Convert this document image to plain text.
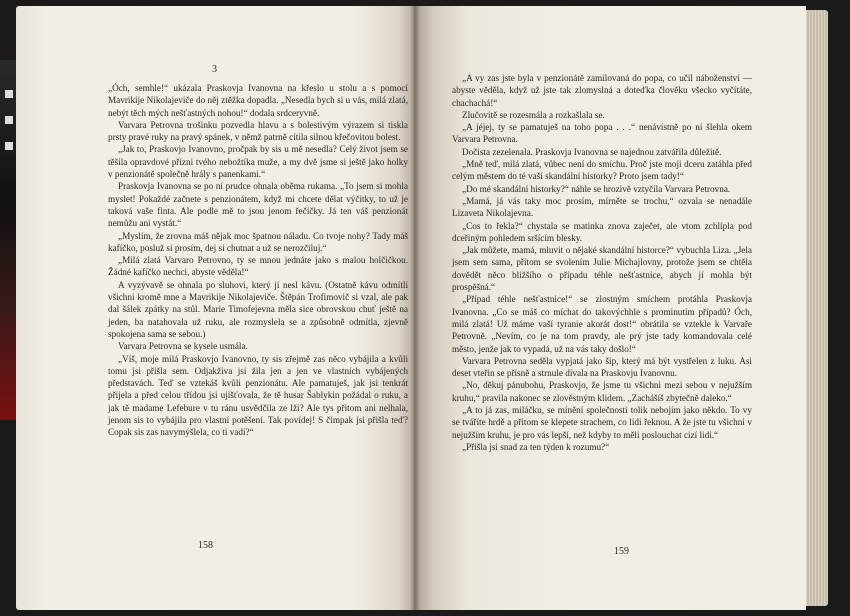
3

„Óch, semhle!“ ukázala Praskovja Ivanovna na křeslo u stolu a s pomocí Mavrikije Nikolajeviče do něj ztěžka dopadla. „Nesedla bych si u vás, milá zlatá, nebýt těch mých nešťastných nohou!“ dodala srdceryvně.

Varvara Petrovna trošinku pozvedla hlavu a s bolestivým výrazem si tiskla prsty pravé ruky na pravý spánek, v němž patrně cítila silnou křečovitou bolest.

„Jak to, Praskovjo Ivanovno, pročpak by sis u mě nesedla? Celý život jsem se těšila opravdové přízni tvého nebožtíka muže, a my dvě jsme si ještě jako holky v penzionátě společně hrály s panenkami.“

Praskovja Ivanovna se po ní prudce ohnala oběma rukama. „To jsem si mohla myslet! Pokaždé začnete s penzionátem, když mi chcete dělat výčitky, to už je taková vaše finta. Ale podle mě to jsou jenom řečičky. Já ten váš penzionát nemůžu ani vystát.“

„Myslím, že zrovna máš nějak moc špatnou náladu. Co tvoje nohy? Tady máš kafíčko, posluž si prosím, dej si chutnat a už se nerozčiluj.“

„Milá zlatá Varvaro Petrovno, ty se mnou jednáte jako s malou holčičkou. Žádné kafíčko nechci, abyste věděla!“

A vyzývavě se ohnala po sluhovi, který jí nesl kávu. (Ostatně kávu odmítli všichni kromě mne a Mavrikije Nikolajeviče. Štěpán Trofimovič si vzal, ale pak dal šálek zpátky na stůl. Marie Timofejevna měla sice obrovskou chuť ještě na jeden, ba natahovala už ruku, ale rozmyslela se a způsobně odmítla, zjevně spokojena sama se sebou.)

Varvara Petrovna se kysele usmála.

„Víš, moje milá Praskovjo Ivanovno, ty sis zřejmě zas něco vybájila a kvůli tomu jsi přišla sem. Odjakživa jsi žila jen a jen ve vlastních vybájených představách. Teď se vztekáš kvůli penzionátu. Ale pamatuješ, jak jsi tenkrát přijela a před celou třídou jsi ujišťovala, že tě husar Šablykin požádal o ruku, a jak tě madame Lefebure v tu ránu usvědčila ze lži? Ale tys přitom ani nelhala, jenom sis to vybájila pro vlastní potěšení. Tak povídej! S čímpak jsi přišla teď? Copak sis zas navymýšlela, co ti vadí?“

158

„A vy zas jste byla v penzionátě zamilovaná do popa, co učil náboženství — abyste věděla, když už jste tak zlomyslná a doteďka člověku všecko vyčítáte, chachachá!“

Zlučovitě se rozesmála a rozkašlala se.

„A jéjej, ty se pamatuješ na toho popa . . .“ nenávistně po ní šlehla okem Varvara Petrovna.

Dočista zezelenala. Praskovja Ivanovna se najednou zatvářila důležitě.

„Mně teď, milá zlatá, vůbec není do smíchu. Proč jste moji dceru zatáhla před celým městem do té vaší skandální historky? Proto jsem tady!“

„Do mé skandální historky?“ náhle se hrozivě vztyčila Varvara Petrovna.

„Mamá, já vás taky moc prosím, mírněte se trochu,“ ozvala se nenadále Lizaveta Nikolajevna.

„Cos to řekla?“ chystala se matinka znova zaječet, ale vtom zchlípla pod dceřiným pohledem sršícím blesky.

„Jak můžete, mamá, mluvit o nějaké skandální historce?“ vybuchla Liza. „Jela jsem sem sama, přitom se svolením Julie Michajlovny, protože jsem se chtěla dovědět něco bližšího o případu téhle nešťastnice, abych jí mohla být prospěšná.“

„Případ téhle nešťastnice!“ se zlostným smíchem protáhla Praskovja Ivanovna. „Co se máš co míchat do takovýchhle s prominutím případů? Óch, milá zlatá! Už máme vaší tyranie akorát dost!“ obrátila se vztekle k Varvaře Petrovně. „Nevím, co je na tom pravdy, ale prý jste tady komandovala celé město, jenže jak to vypadá, už na vás taky došlo!“

Varvara Petrovna seděla vypjatá jako šíp, který má být vystřelen z luku. Asi deset vteřin se přísně a strnule dívala na Praskovju Ivanovnu.

„No, děkuj pánubohu, Praskovjo, že jsme tu všichni mezi sebou v nejužším kruhu,“ pravila nakonec se zlověstným klidem. „Zachášíš zbytečně daleko.“

„A to já zas, miláčku, se mínění společnosti tolik nebojím jako někdo. To vy se tváříte hrdě a přitom se klepete strachem, co lidi řeknou. A že jste tu všichni v nejužším kruhu, je pro vás lepší, než kdyby to měli poslouchat cizí lidi.“

„Přišla jsi snad za ten týden k rozumu?“

159
